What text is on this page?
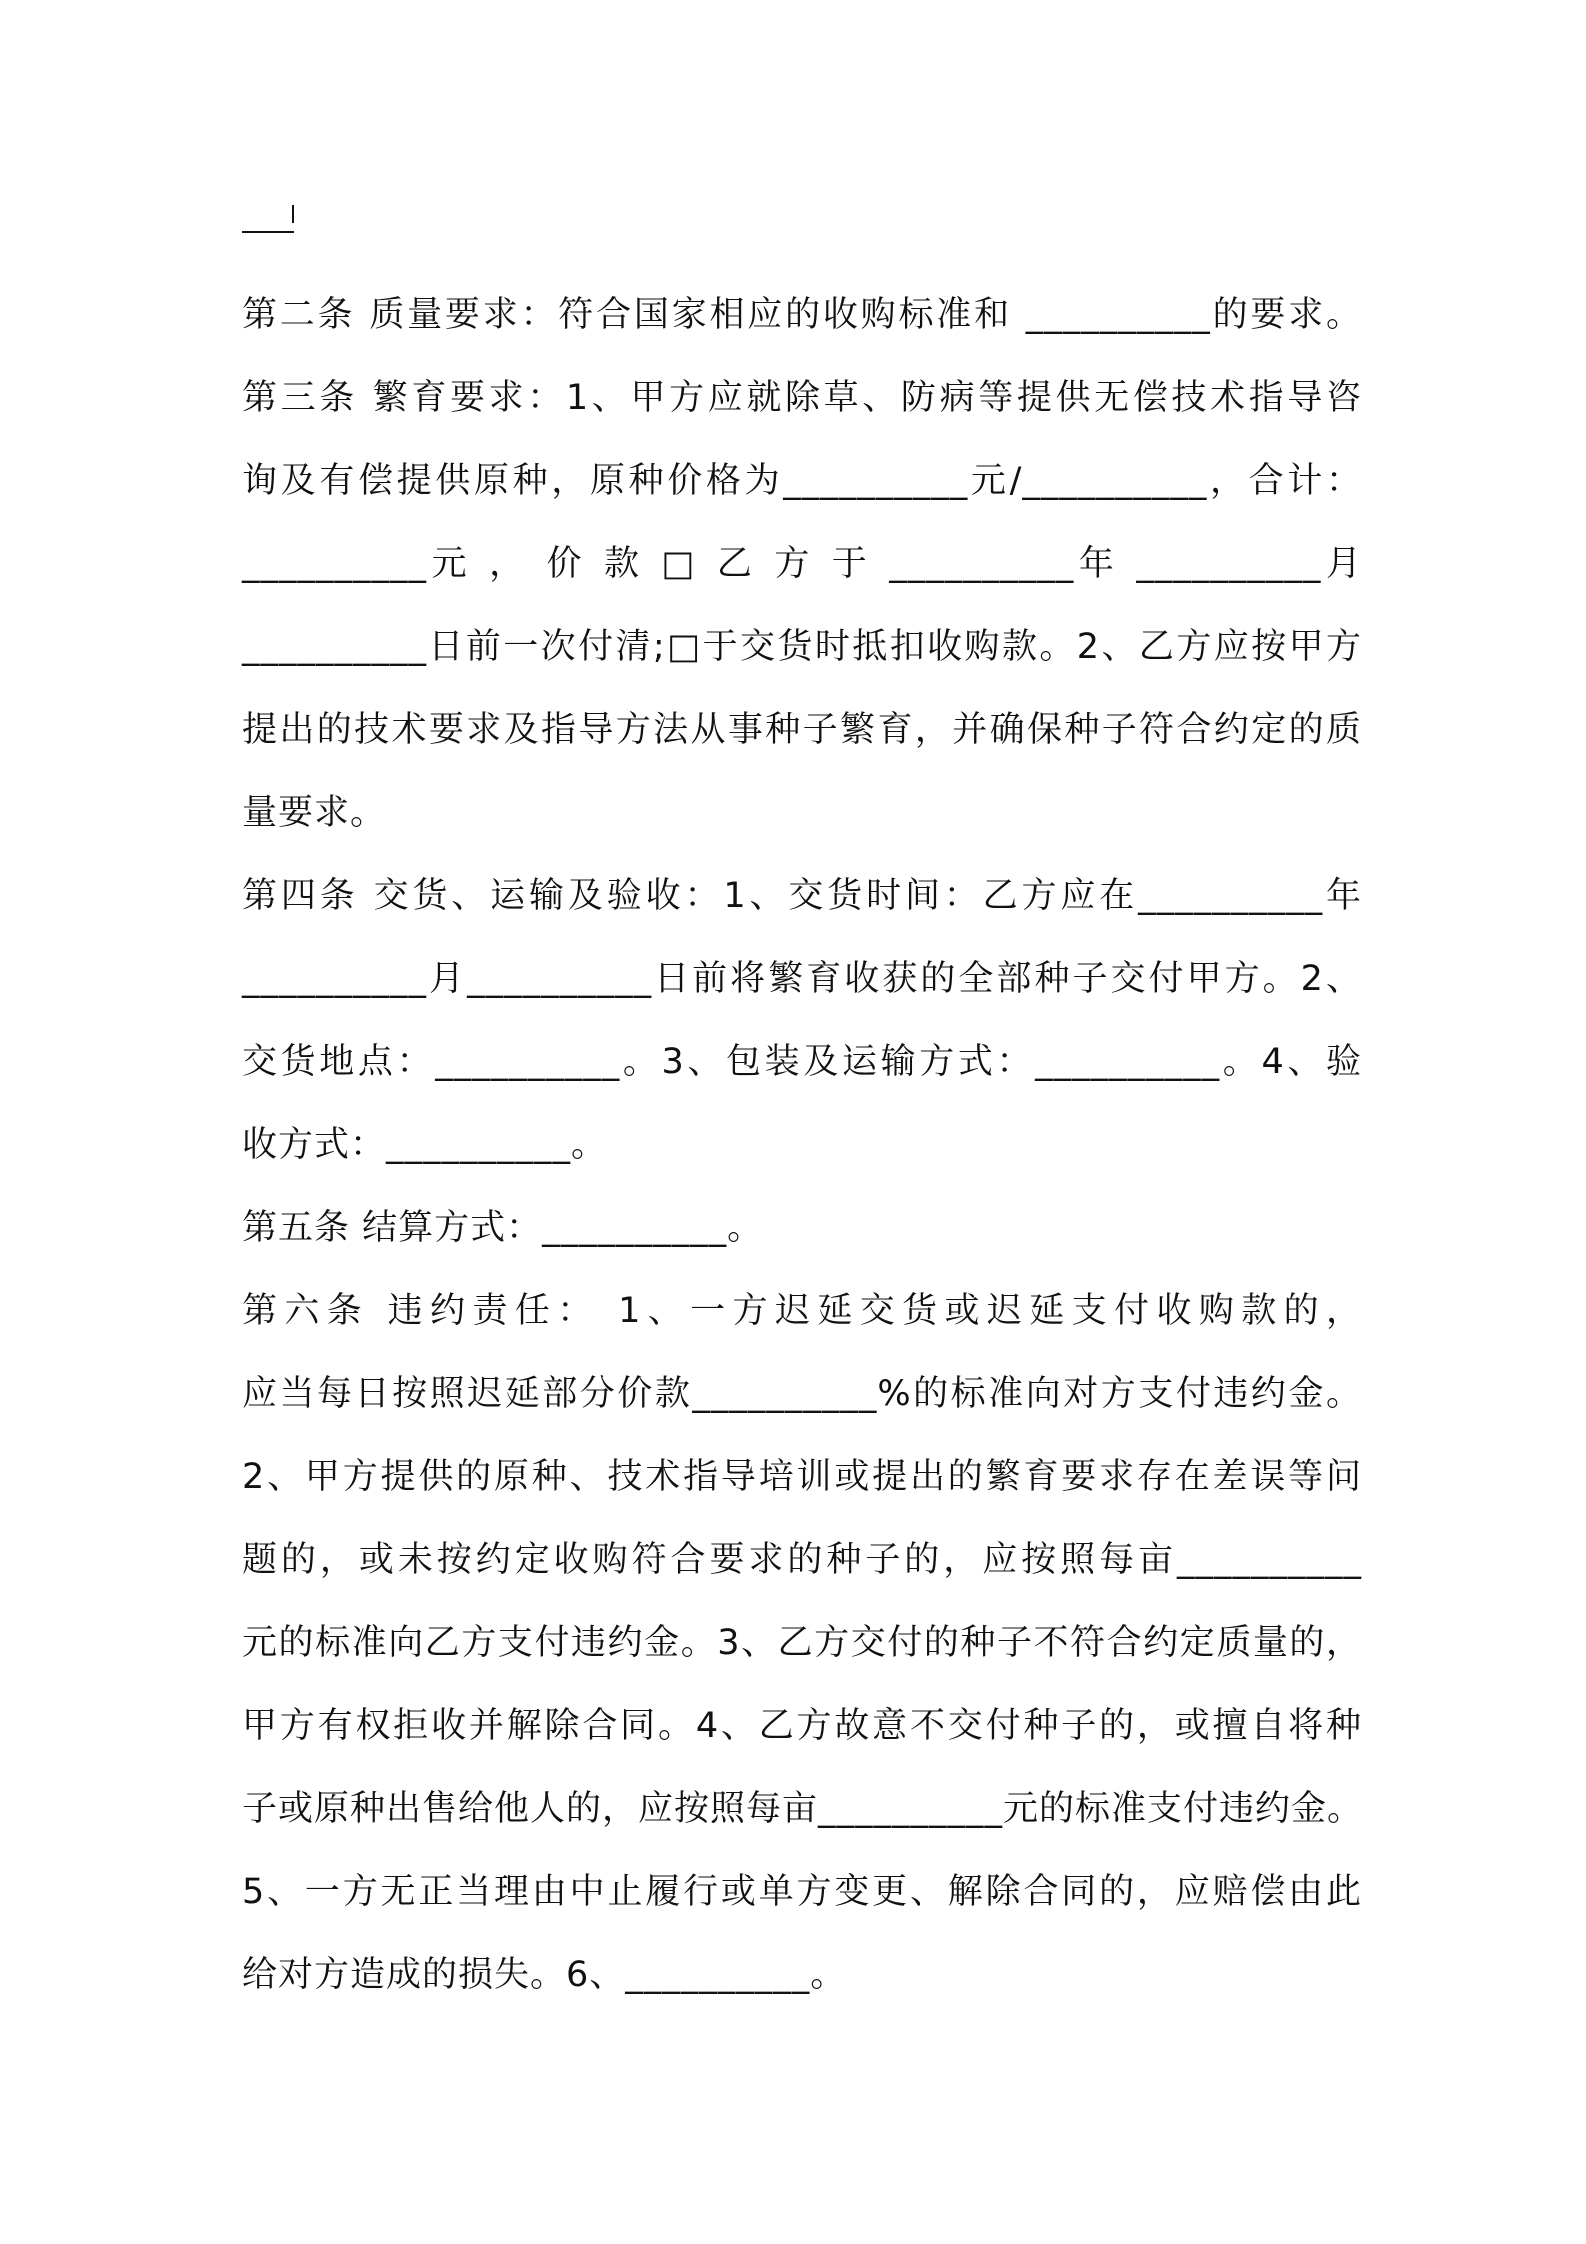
第二条 质量要求：符合国家相应的收购标准和 __________的要求。
第三条 繁育要求：1、甲方应就除草、防病等提供无偿技术指导咨
询及有偿提供原种，原种价格为__________元/__________，合计：
__________元 ， 价 款 □ 乙 方 于 __________年 __________月
__________日前一次付清;□于交货时抵扣收购款。2、乙方应按甲方
提出的技术要求及指导方法从事种子繁育，并确保种子符合约定的质
量要求。
第四条 交货、运输及验收：1、交货时间：乙方应在__________年
__________月__________日前将繁育收获的全部种子交付甲方。2、
交货地点：__________。3、包装及运输方式：__________。4、验
收方式：__________。
第五条 结算方式：__________。
第六条 违约责任： 1、一方迟延交货或迟延支付收购款的，
应当每日按照迟延部分价款__________%的标准向对方支付违约金。
2、甲方提供的原种、技术指导培训或提出的繁育要求存在差误等问
题的，或未按约定收购符合要求的种子的，应按照每亩__________
元的标准向乙方支付违约金。3、乙方交付的种子不符合约定质量的，
甲方有权拒收并解除合同。4、乙方故意不交付种子的，或擅自将种
子或原种出售给他人的，应按照每亩__________元的标准支付违约金。
5、一方无正当理由中止履行或单方变更、解除合同的，应赔偿由此
给对方造成的损失。6、__________。
